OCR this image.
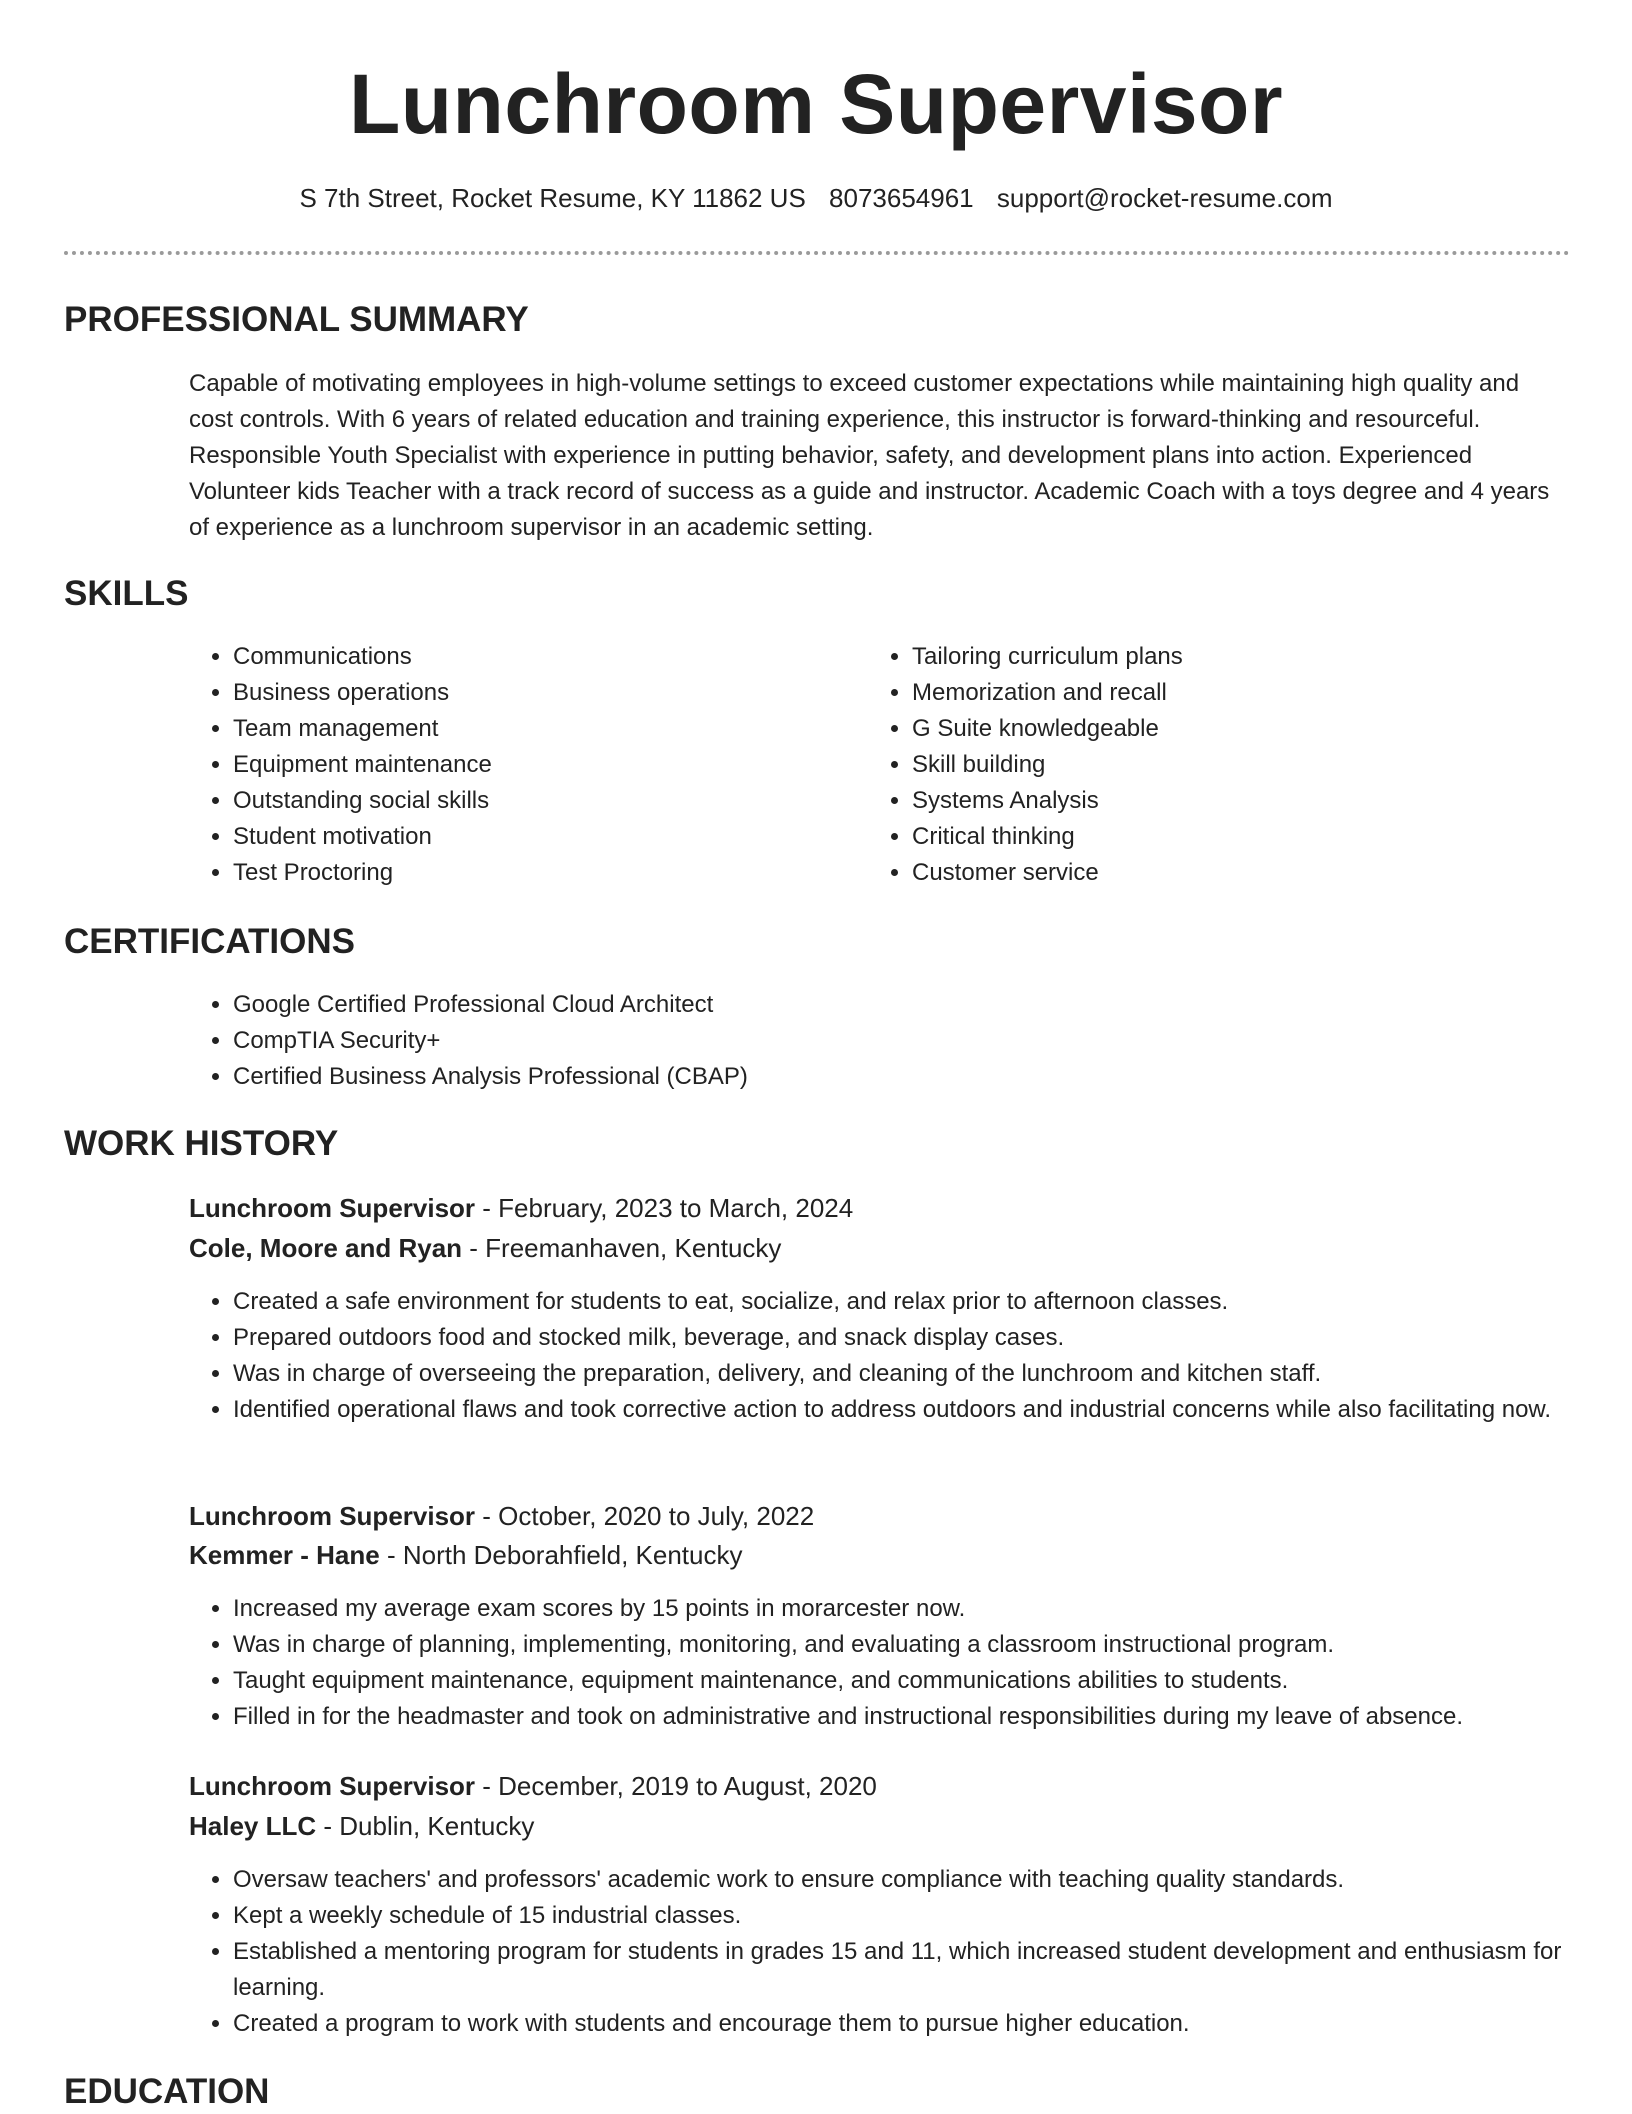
Lunchroom Supervisor
S 7th Street, Rocket Resume, KY 11862 US 8073654961 support@rocket-resume.com
PROFESSIONAL SUMMARY

Capable of motivating employees in high-volume settings to exceed customer expectations while maintaining high quality and cost controls. With 6 years of related education and training experience, this instructor is forward-thinking and resourceful. Responsible Youth Specialist with experience in putting behavior, safety, and development plans into action. Experienced Volunteer kids Teacher with a track record of success as a guide and instructor. Academic Coach with a toys degree and 4 years of experience as a lunchroom supervisor in an academic setting.

SKILLS
• Communications
• Business operations
• Team management
• Equipment maintenance
• Outstanding social skills
• Student motivation
• Test Proctoring
• Tailoring curriculum plans
• Memorization and recall
• G Suite knowledgeable
• Skill building
• Systems Analysis
• Critical thinking
• Customer service
CERTIFICATIONS
• Google Certified Professional Cloud Architect
• CompTIA Security+
• Certified Business Analysis Professional (CBAP)
WORK HISTORY
Lunchroom Supervisor - February, 2023 to March, 2024
Cole, Moore and Ryan - Freemanhaven, Kentucky
• Created a safe environment for students to eat, socialize, and relax prior to afternoon classes.
• Prepared outdoors food and stocked milk, beverage, and snack display cases.
• Was in charge of overseeing the preparation, delivery, and cleaning of the lunchroom and kitchen staff.
• Identified operational flaws and took corrective action to address outdoors and industrial concerns while also facilitating now.
Lunchroom Supervisor - October, 2020 to July, 2022
Kemmer - Hane - North Deborahfield, Kentucky
• Increased my average exam scores by 15 points in morarcester now.
• Was in charge of planning, implementing, monitoring, and evaluating a classroom instructional program.
• Taught equipment maintenance, equipment maintenance, and communications abilities to students.
• Filled in for the headmaster and took on administrative and instructional responsibilities during my leave of absence.
Lunchroom Supervisor - December, 2019 to August, 2020
Haley LLC - Dublin, Kentucky
• Oversaw teachers' and professors' academic work to ensure compliance with teaching quality standards.
• Kept a weekly schedule of 15 industrial classes.
• Established a mentoring program for students in grades 15 and 11, which increased student development and enthusiasm for learning.
• Created a program to work with students and encourage them to pursue higher education.
EDUCATION
